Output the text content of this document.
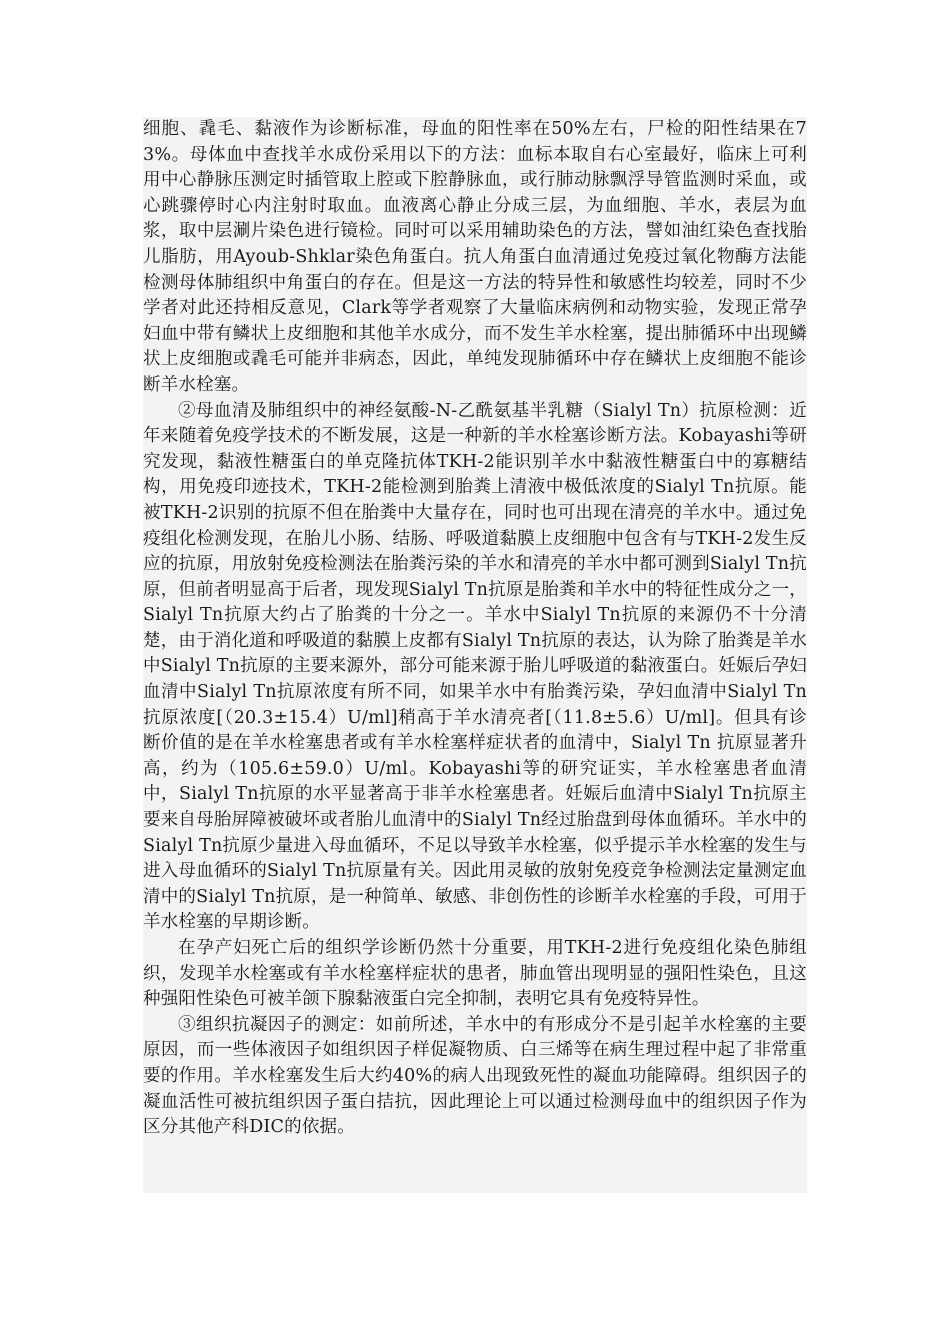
细胞、毳毛、黏液作为诊断标准，母血的阳性率在50%左右，尸检的阳性结果在73%。母体血中查找羊水成份采用以下的方法：血标本取自右心室最好，临床上可利用中心静脉压测定时插管取上腔或下腔静脉血，或行肺动脉飘浮导管监测时采血，或心跳骤停时心内注射时取血。血液离心静止分成三层，为血细胞、羊水，表层为血浆，取中层涮片染色进行镜检。同时可以采用辅助染色的方法，譬如油红染色查找胎儿脂肪，用Ayoub-Shklar染色角蛋白。抗人角蛋白血清通过免疫过氧化物酶方法能检测母体肺组织中角蛋白的存在。但是这一方法的特异性和敏感性均较差，同时不少学者对此还持相反意见，Clark等学者观察了大量临床病例和动物实验，发现正常孕妇血中带有鳞状上皮细胞和其他羊水成分，而不发生羊水栓塞，提出肺循环中出现鳞状上皮细胞或毳毛可能并非病态，因此，单纯发现肺循环中存在鳞状上皮细胞不能诊断羊水栓塞。

②母血清及肺组织中的神经氨酸-N-乙酰氨基半乳糖（Sialyl Tn）抗原检测：近年来随着免疫学技术的不断发展，这是一种新的羊水栓塞诊断方法。Kobayashi等研究发现，黏液性糖蛋白的单克隆抗体TKH-2能识别羊水中黏液性糖蛋白中的寡糖结构，用免疫印迹技术，TKH-2能检测到胎粪上清液中极低浓度的Sialyl Tn抗原。能被TKH-2识别的抗原不但在胎粪中大量存在，同时也可出现在清亮的羊水中。通过免疫组化检测发现，在胎儿小肠、结肠、呼吸道黏膜上皮细胞中包含有与TKH-2发生反应的抗原，用放射免疫检测法在胎粪污染的羊水和清亮的羊水中都可测到Sialyl Tn抗原，但前者明显高于后者，现发现Sialyl Tn抗原是胎粪和羊水中的特征性成分之一，Sialyl Tn抗原大约占了胎粪的十分之一。羊水中Sialyl Tn抗原的来源仍不十分清楚，由于消化道和呼吸道的黏膜上皮都有Sialyl Tn抗原的表达，认为除了胎粪是羊水中Sialyl Tn抗原的主要来源外，部分可能来源于胎儿呼吸道的黏液蛋白。妊娠后孕妇血清中Sialyl Tn抗原浓度有所不同，如果羊水中有胎粪污染，孕妇血清中Sialyl Tn抗原浓度[（20.3±15.4）U/ml]稍高于羊水清亮者[（11.8±5.6）U/ml]。但具有诊断价值的是在羊水栓塞患者或有羊水栓塞样症状者的血清中，Sialyl Tn 抗原显著升高，约为（105.6±59.0）U/ml。Kobayashi等的研究证实，羊水栓塞患者血清中，Sialyl Tn抗原的水平显著高于非羊水栓塞患者。妊娠后血清中Sialyl Tn抗原主要来自母胎屏障被破坏或者胎儿血清中的Sialyl Tn经过胎盘到母体血循环。羊水中的Sialyl Tn抗原少量进入母血循环，不足以导致羊水栓塞，似乎提示羊水栓塞的发生与进入母血循环的Sialyl Tn抗原量有关。因此用灵敏的放射免疫竞争检测法定量测定血清中的Sialyl Tn抗原，是一种简单、敏感、非创伤性的诊断羊水栓塞的手段，可用于羊水栓塞的早期诊断。

在孕产妇死亡后的组织学诊断仍然十分重要，用TKH-2进行免疫组化染色肺组织，发现羊水栓塞或有羊水栓塞样症状的患者，肺血管出现明显的强阳性染色，且这种强阳性染色可被羊颌下腺黏液蛋白完全抑制，表明它具有免疫特异性。

③组织抗凝因子的测定：如前所述，羊水中的有形成分不是引起羊水栓塞的主要原因，而一些体液因子如组织因子样促凝物质、白三烯等在病生理过程中起了非常重要的作用。羊水栓塞发生后大约40%的病人出现致死性的凝血功能障碍。组织因子的凝血活性可被抗组织因子蛋白拮抗，因此理论上可以通过检测母血中的组织因子作为区分其他产科DIC的依据。
